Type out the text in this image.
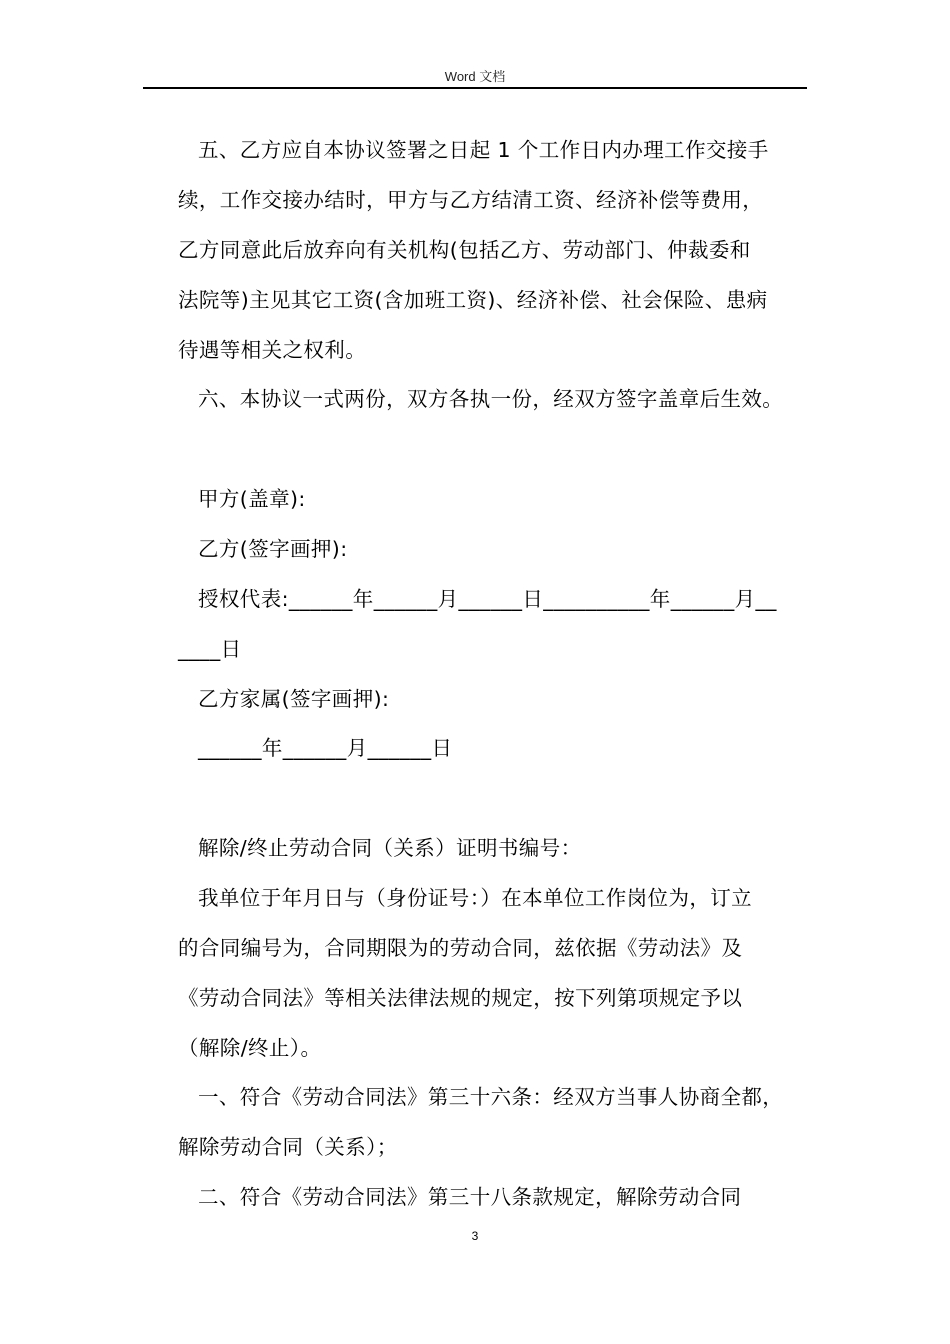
Word 文档
五、乙方应自本协议签署之日起 1 个工作日内办理工作交接手
续，工作交接办结时，甲方与乙方结清工资、经济补偿等费用，
乙方同意此后放弃向有关机构(包括乙方、劳动部门、仲裁委和
法院等)主见其它工资(含加班工资)、经济补偿、社会保险、患病
待遇等相关之权利。
六、本协议一式两份，双方各执一份，经双方签字盖章后生效。
甲方(盖章):
乙方(签字画押):
授权代表:______年______月______日__________年______月__
____日
乙方家属(签字画押):
______年______月______日
解除/终止劳动合同（关系）证明书编号：
我单位于年月日与（身份证号：）在本单位工作岗位为，订立
的合同编号为，合同期限为的劳动合同，兹依据《劳动法》及
《劳动合同法》等相关法律法规的规定，按下列第项规定予以
（解除/终止）。
一、符合《劳动合同法》第三十六条：经双方当事人协商全都，
解除劳动合同（关系）；
二、符合《劳动合同法》第三十八条款规定，解除劳动合同
3
